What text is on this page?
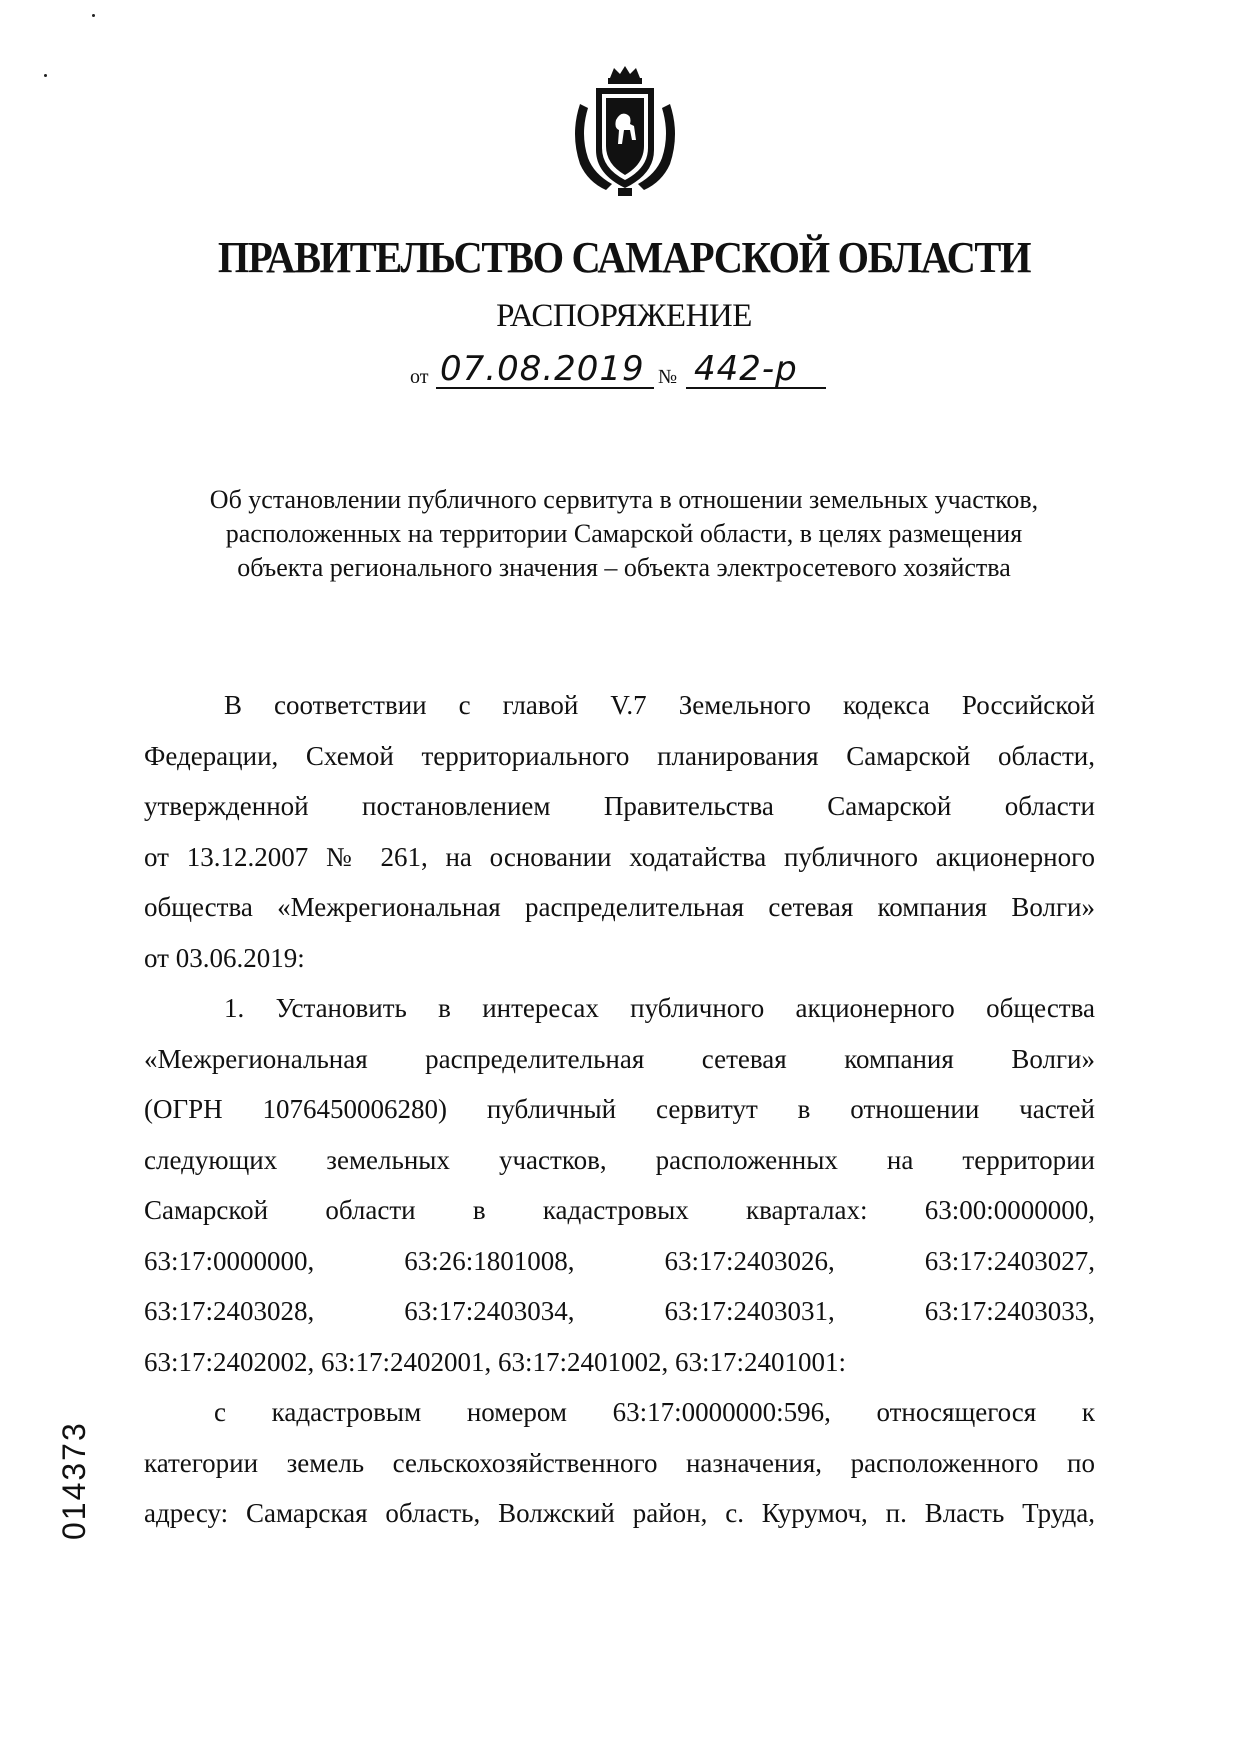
ПРАВИТЕЛЬСТВО САМАРСКОЙ ОБЛАСТИ
РАСПОРЯЖЕНИЕ
от 07.08.2019 № 442-р
Об установлении публичного сервитута в отношении земельных участков,
расположенных на территории Самарской области, в целях размещения
объекта регионального значения – объекта электросетевого хозяйства
В соответствии с главой V.7 Земельного кодекса Российской
Федерации, Схемой территориального планирования Самарской области,
утвержденной постановлением Правительства Самарской области
от 13.12.2007 № 261, на основании ходатайства публичного акционерного
общества «Межрегиональная распределительная сетевая компания Волги»
от 03.06.2019:
1. Установить в интересах публичного акционерного общества
«Межрегиональная распределительная сетевая компания Волги»
(ОГРН 1076450006280) публичный сервитут в отношении частей
следующих земельных участков, расположенных на территории
Самарской области в кадастровых кварталах: 63:00:0000000,
63:17:0000000, 63:26:1801008, 63:17:2403026, 63:17:2403027,
63:17:2403028, 63:17:2403034, 63:17:2403031, 63:17:2403033,
63:17:2402002, 63:17:2402001, 63:17:2401002, 63:17:2401001:
с кадастровым номером 63:17:0000000:596, относящегося к
категории земель сельскохозяйственного назначения, расположенного по
адресу: Самарская область, Волжский район, с. Курумоч, п. Власть Труда,
014373
